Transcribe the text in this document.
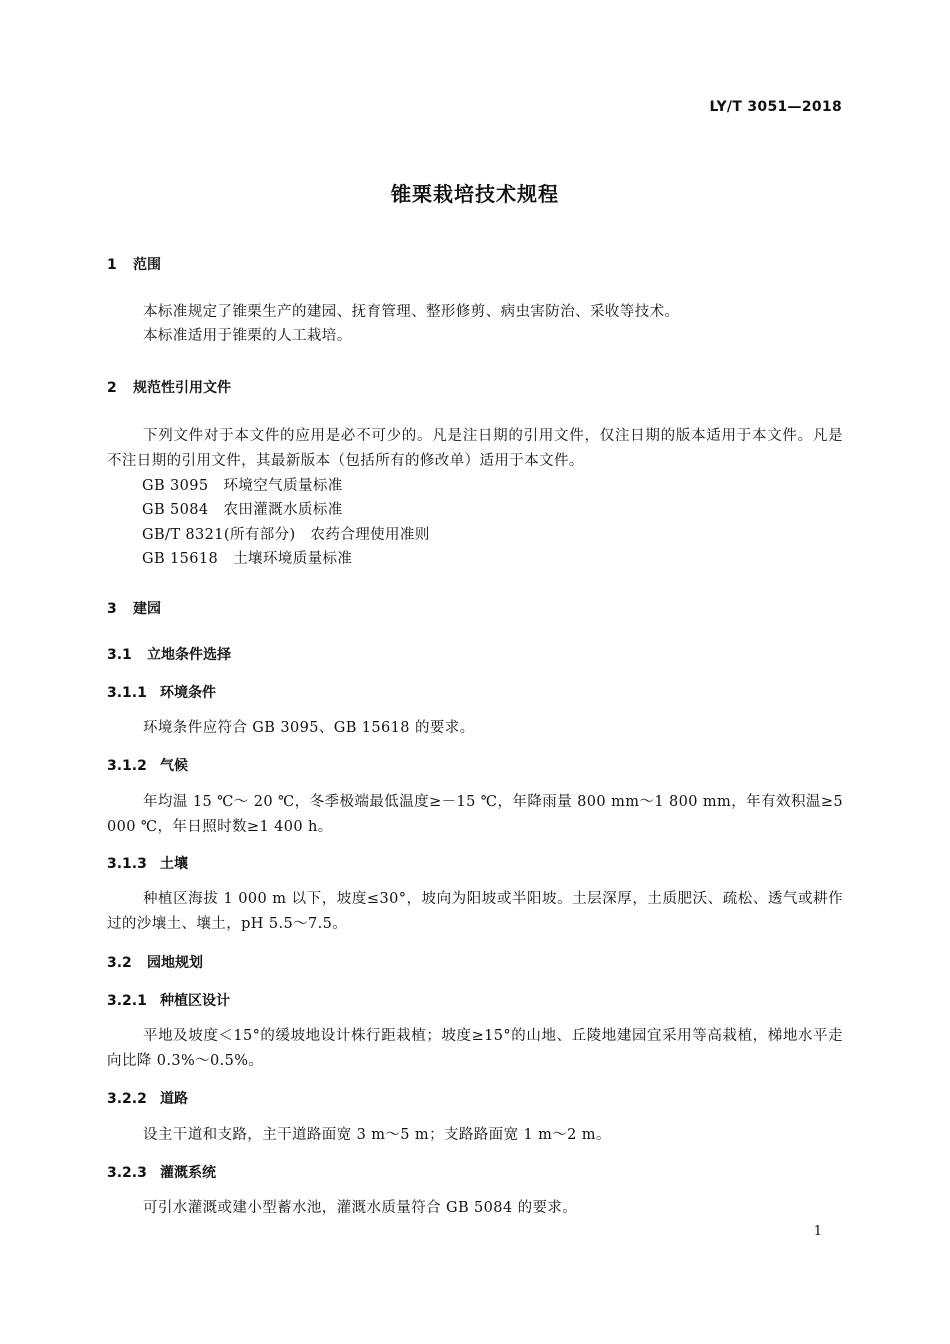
LY/T 3051—2018
锥栗栽培技术规程
1 范围
本标准规定了锥栗生产的建园、抚育管理、整形修剪、病虫害防治、采收等技术。
本标准适用于锥栗的人工栽培。
2 规范性引用文件
下列文件对于本文件的应用是必不可少的。凡是注日期的引用文件，仅注日期的版本适用于本文件。凡是不注日期的引用文件，其最新版本（包括所有的修改单）适用于本文件。
GB 3095　 环境空气质量标准
GB 5084　 农田灌溉水质标准
GB/T 8321(所有部分)　 农药合理使用准则
GB 15618　 土壤环境质量标准
3 建园
3.1 立地条件选择
3.1.1 环境条件
环境条件应符合 GB 3095、GB 15618 的要求。
3.1.2 气候
年均温 15 ℃～ 20 ℃，冬季极端最低温度≥－15 ℃，年降雨量 800 mm～1 800 mm，年有效积温≥5 000 ℃，年日照时数≥1 400 h。
3.1.3 土壤
种植区海拔 1 000 m 以下，坡度≤30°，坡向为阳坡或半阳坡。土层深厚，土质肥沃、疏松、透气或耕作过的沙壤土、壤土，pH 5.5～7.5。
3.2 园地规划
3.2.1 种植区设计
平地及坡度＜15°的缓坡地设计株行距栽植；坡度≥15°的山地、丘陵地建园宜采用等高栽植，梯地水平走向比降 0.3%～0.5%。
3.2.2 道路
设主干道和支路，主干道路面宽 3 m～5 m；支路路面宽 1 m～2 m。
3.2.3 灌溉系统
可引水灌溉或建小型蓄水池，灌溉水质量符合 GB 5084 的要求。
1
